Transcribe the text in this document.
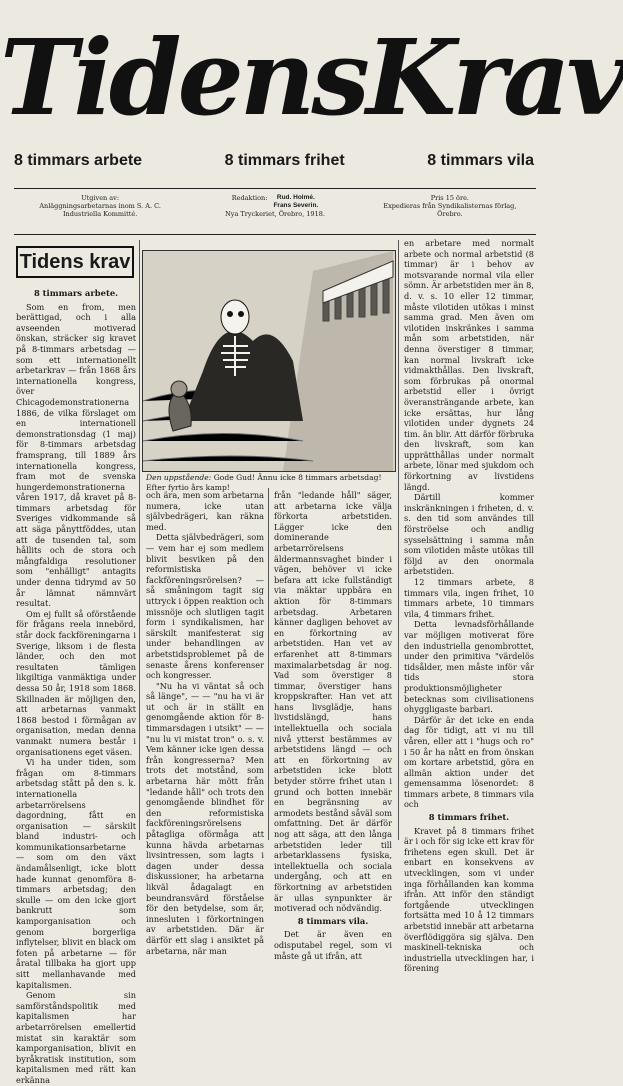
TidensKrav
8 timmars arbete	8 timmars frihet	8 timmars vila
Utgiven av:
Anläggningsarbetarnas inom S. A. C.
Industriella Kommitté.
Redaktion:	Rud. Holmé.
Frans Severin.
Nya Tryckeriet, Örebro, 1918.
Pris 15 öre.
Expedieras från Syndikalisternas förlag,
Örebro.
Tidens krav

8 timmars arbete.

Som en from, men berättigad, och i alla avseenden motiverad önskan, sträcker sig kravet på 8-timmars arbetsdag — som ett internationellt arbetarkrav — från 1868 års internationella kongress, över Chicagodemonstrationerna 1886, de vilka förslaget om en internationell demonstrationsdag (1 maj) för 8-timmars arbetsdag framsprang, till 1889 års internationella kongress, fram mot de svenska hungerdemonstrationerna våren 1917, då kravet på 8-timmars arbetsdag för Sveriges vidkommande så att säga pånyttföddes, utan att de tusenden tal, som hållits och de stora och mångfaldiga resolutioner som "enhälligt" antagits under denna tidrymd av 50 år lämnat nämnvärt resultat.

Om ej fullt så oförstående för frågans reela innebörd, står dock fackföreningarna i Sverige, liksom i de flesta länder, och den mot resultaten tämligen likgiltiga vanmäktiga under dessa 50 år, 1918 som 1868. Skillnaden är möjligen den, att arbetarnas vanmakt 1868 bestod i förmågan av organisation, medan denna vanmakt numera består i organisationens eget väsen.

Vi ha under tiden, som frågan om 8-timmars arbetsdag stått på den s. k. internationella arbetarrörelsens dagordning, fått en organisation — särskilt bland industri- och kommunikationsarbetarne — som om den växt ändamålsenligt, icke blott hade kunnat genomföra 8-timmars arbetsdag; den skulle — om den icke gjort bankrutt som kamporganisation och genom borgerliga inflytelser, blivit en black om foten på arbetarne — för åratal tillbaka ha gjort upp sitt mellanhavande med kapitalismen.

Genom sin samförståndspolitik med kapitalismen har arbetarrörelsen emellertid mistat sin karaktär som kamporganisation, blivit en byråkratisk institution, som kapitalismen med rätt kan erkänna

Den uppstående: Gode Gud! Ännu icke 8 timmars arbetsdag! Efter fyrtio års kamp!

och ära, men som arbetarna numera, icke utan självbedrägeri, kan räkna med.

Detta självbedrägeri, som — vem har ej som medlem blivit besviken på den reformistiska fackföreningsrörelsen? — så småningom tagit sig uttryck i öppen reaktion och missnöje och slutligen tagit form i syndikalismen, har särskilt manifesterat sig under behandlingen av arbetstidsproblemet på de senaste årens konferenser och kongresser.

"Nu ha vi väntat så och så länge", — — "nu ha vi är ut och är in ställt en genomgående aktion för 8-timmarsdagen i utsikt" — — "nu lu vi mistat tron" o. s. v. Vem känner icke igen dessa från kongresserna? Men trots det motstånd, som arbetarna här mött från "ledande håll" och trots den genomgående blindhet för den reformistiska fackföreningsrörelsens påtagliga oförmåga att kunna hävda arbetarnas livsintressen, som lagts i dagen under dessa diskussioner, ha arbetarna likväl ådagalagt en beundransvärd förståelse för den betydelse, som är, innesluten i förkortningen av arbetstiden. Där är därför ett slag i ansiktet på arbetarna, när man

från "ledande håll" säger, att arbetarna icke välja förkorta arbetstiden. Lägger icke den dominerande arbetarrörelsens äldermannsvaghet binder i vägen, behöver vi icke befara att icke fullständigt via mäktar uppbära en aktion för 8-timmars arbetsdag. Arbetaren känner dagligen behovet av en förkortning av arbetstiden. Han vet av erfarenhet att 8-timmars maximalarbetsdag är nog. Vad som överstiger 8 timmar, överstiger hans kroppskrafter. Han vet att hans livsglädje, hans livstidslängd, hans intellektuella och sociala nivå ytterst bestämmes av arbetstidens längd — och att en förkortning av arbetstiden icke blott betyder större frihet utan i grund och botten innebär en begränsning av armodets bestånd såväl som omfattning. Det är därför nog att säga, att den långa arbetstiden leder till arbetarklassens fysiska, intellektuella och sociala undergång, och att en förkortning av arbetstiden är ullas synpunkter är motiverad och nödvändig.

8 timmars vila.

Det är även en odisputabel regel, som vi måste gå ut ifrån, att

en arbetare med normalt arbete och normal arbetstid (8 timmar) är i behov av motsvarande normal vila eller sömn. Är arbetstiden mer än 8, d. v. s. 10 eller 12 timmar, måste vilotiden utökas i minst samma grad. Men även om vilotiden inskränkes i samma mån som arbetstiden, när denna överstiger 8 timmar, kan normal livskraft icke vidmakthållas. Den livskraft, som förbrukas på onormal arbetstid eller i övrigt överansträngande arbete, kan icke ersättas, hur lång vilotiden under dygnets 24 tim. än blir. Att därför förbruka den livskraft, som kan upprätthållas under normalt arbete, lönar med sjukdom och förkortning av livstidens längd.

Därtill kommer inskränkningen i friheten, d. v. s. den tid som användes till förströelse och andlig sysselsättning i samma mån som vilotiden måste utökas till följd av den onormala arbetstiden.

12 timmars arbete, 8 timmars vila, ingen frihet, 10 timmars arbete, 10 timmars vila, 4 timmars frihet.

Detta levnadsförhållande var möjligen motiverat före den industriella genombrottet, under den primitiva "värdelös tidsålder, men måste inför vår tids stora produktionsmöjligheter betecknas som civilisationens ohyggligaste barbari.

Därför är det icke en enda dag för tidigt, att vi nu till våren, eller att i "hugs och ro" i 50 år ha nått en from önskan om kortare arbetstid, göra en allmän aktion under det gemensamma lösenordet: 8 timmars arbete, 8 timmars vila och

8 timmars frihet.

Kravet på 8 timmars frihet är i och för sig icke ett krav för frihetens egen skull. Det är enbart en konsekvens av utvecklingen, som vi under inga förhållanden kan komma ifrån. Att inför den ständigt fortgående utvecklingen fortsätta med 10 å 12 timmars arbetstid innebär att arbetarna överflödiggöra sig själva. Den maskinell-tekniska och industriella utvecklingen har, i förening
